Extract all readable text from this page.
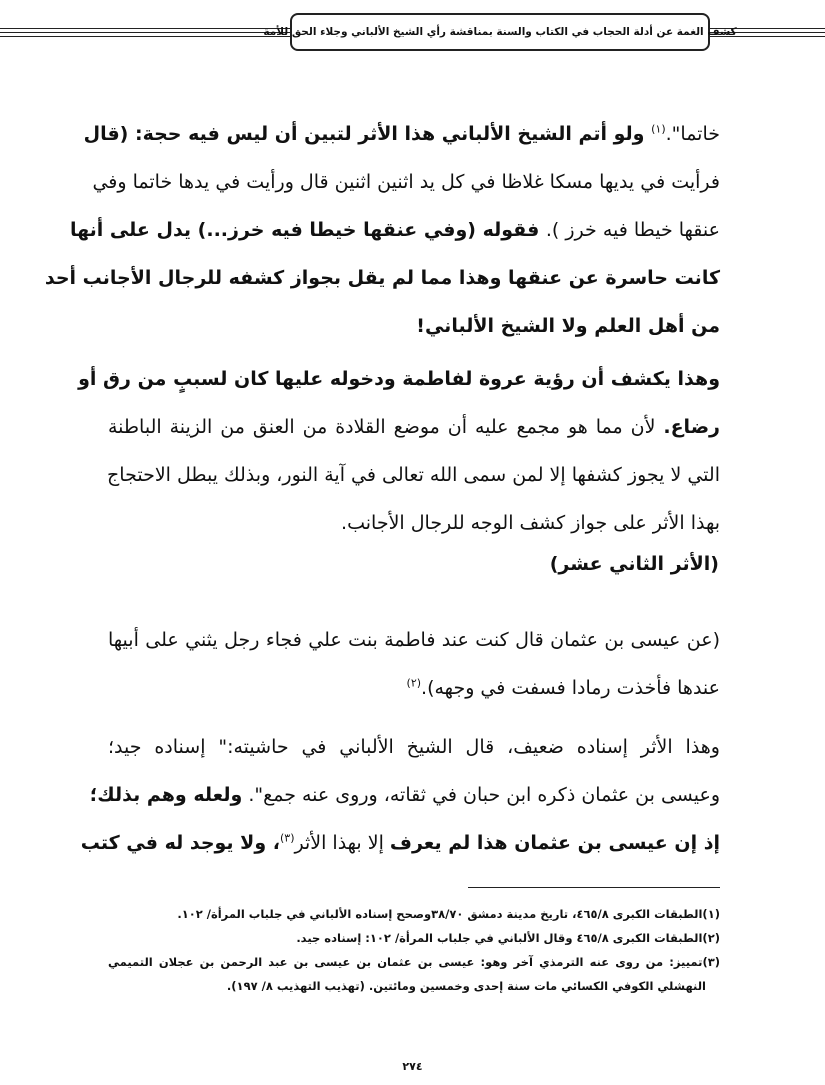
كشف الغمة عن أدلة الحجاب في الكتاب والسنة بمناقشة رأي الشيخ الألباني وجلاء الحق للأمة
خاتما".$^{(١)}$ ولو أتم الشيخ الألباني هذا الأثر لتبين أن ليس فيه حجة: (قال
فرأيت في يديها مسكا غلاظا في كل يد اثنين اثنين قال ورأيت في يدها خاتما وفي
عنقها خيطا فيه خرز ). فقوله (وفي عنقها خيطا فيه خرز...) يدل على أنها
كانت حاسرة عن عنقها وهذا مما لم يقل بجواز كشفه للرجال الأجانب أحد
من أهل العلم ولا الشيخ الألباني!
وهذا يكشف أن رؤية عروة لفاطمة ودخوله عليها كان لسببٍ من رق أو
رضاع. لأن مما هو مجمع عليه أن موضع القلادة من العنق من الزينة الباطنة
التي لا يجوز كشفها إلا لمن سمى الله تعالى في آية النور، وبذلك يبطل الاحتجاج
بهذا الأثر على جواز كشف الوجه للرجال الأجانب.
(الأثر الثاني عشر)
(عن عيسى بن عثمان قال كنت عند فاطمة بنت علي فجاء رجل يثني على أبيها
عندها فأخذت رمادا فسفت في وجهه).$^{(٢)}$
وهذا الأثر إسناده ضعيف، قال الشيخ الألباني في حاشيته:" إسناده جيد؛
وعيسى بن عثمان ذكره ابن حبان في ثقاته، وروى عنه جمع". ولعله وهم بذلك؛
إذ إن عيسى بن عثمان هذا لم يعرف إلا بهذا الأثر$^{(٣)}$، ولا يوجد له في كتب
(١)الطبقات الكبرى ٤٦٥/٨، تاريخ مدينة دمشق ٣٨/٧٠وصحح إسناده الألباني في جلباب المرأة/ ١٠٢.
(٢)الطبقات الكبرى ٤٦٥/٨ وقال الألباني في جلباب المرأة/ ١٠٢: إسناده جيد.
(٣)تمييز: من روى عنه الترمذي آخر وهو: عيسى بن عثمان بن عيسى بن عبد الرحمن بن عجلان التميمي
النهشلي الكوفي الكسائي مات سنة إحدى وخمسين ومائتين. (تهذيب التهذيب ٨/ ١٩٧).
٢٧٤
